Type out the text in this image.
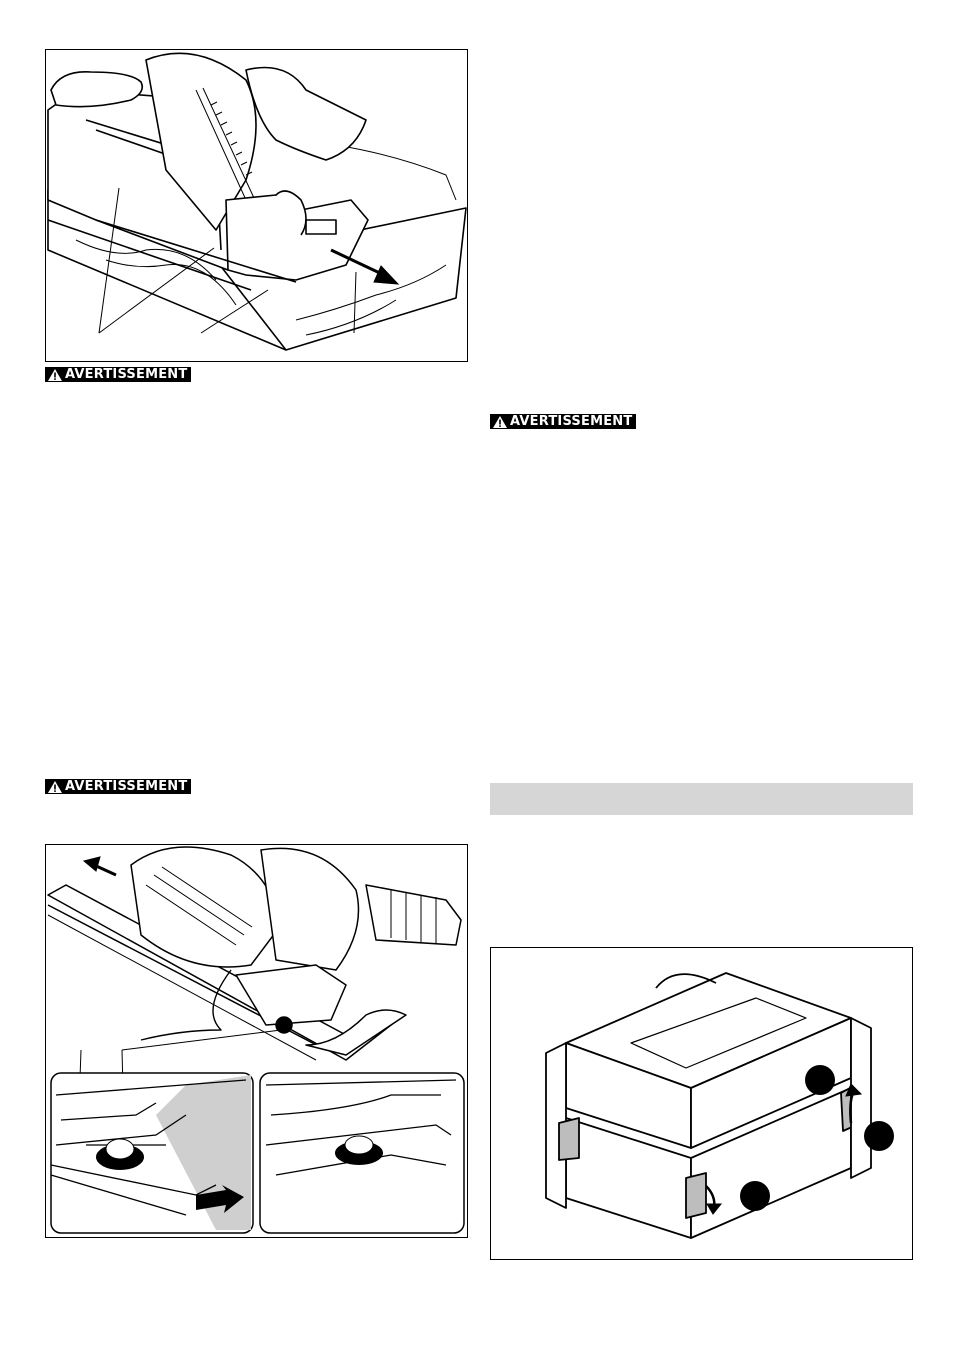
AVERTISSEMENT
AVERTISSEMENT
AVERTISSEMENT
1
2
3
